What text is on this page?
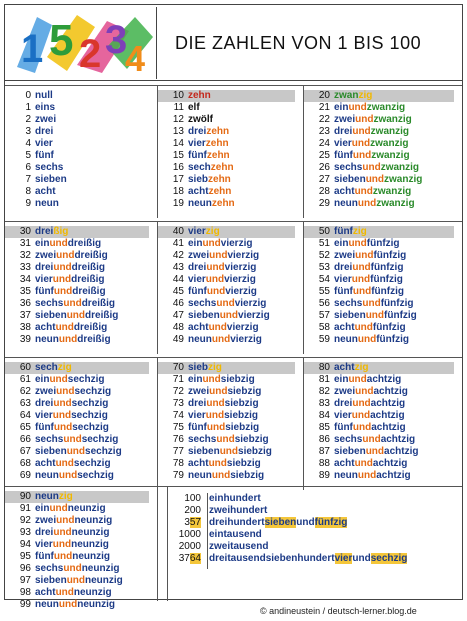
1 5 2 3
4 DIE ZAHLEN VON 1 BIS 100
0 null
1 eins
2 zwei
3 drei
4 vier
5 fünf
6 sechs
7 sieben
8 acht
9 neun
10 zehn
11 elf
12 zwölf
13 dreizehn
14 vierzehn
15 fünfzehn
16 sechzehn
17 siebzehn
18 achtzehn
19 neunzehn
20 zwanzig
21 einundzwanzig
22 zweiundzwanzig
23 dreiundzwanzig
24 vierundzwanzig
25 fünfundzwanzig
26 sechsundzwanzig
27 siebenundzwanzig
28 achtundzwanzig
29 neunundzwanzig
30 dreißig
31 einunddreißig
32 zweiunddreißig
33 dreiunddreißig
34 vierunddreißig
35 fünfunddreißig
36 sechsunddreißig
37 siebenunddreißig
38 achtunddreißig
39 neununddreißig
40 vierzig
41 einundvierzig
42 zweiundvierzig
43 dreiundvierzig
44 vierundvierzig
45 fünfundvierzig
46 sechsundvierzig
47 siebenundvierzig
48 achtundvierzig
49 neunundvierzig
50 fünfzig
51 einundfünfzig
52 zweiundfünfzig
53 dreiundfünfzig
54 vierundfünfzig
55 fünfundfünfzig
56 sechsundfünfzig
57 siebenundfünfzig
58 achtundfünfzig
59 neunundfünfzig
60 sechzig
61 einundsechzig
62 zweiundsechzig
63 dreiundsechzig
64 vierundsechzig
65 fünfundsechzig
66 sechsundsechzig
67 siebenundsechzig
68 achtundsechzig
69 neunundsechzig
70 siebzig
71 einundsiebzig
72 zweiundsiebzig
73 dreiundsiebzig
74 vierundsiebzig
75 fünfundsiebzig
76 sechsundsiebzig
77 siebenundsiebzig
78 achtundsiebzig
79 neunundsiebzig
80 achtzig
81 einundachtzig
82 zweiundachtzig
83 dreiundachtzig
84 vierundachtzig
85 fünfundachtzig
86 sechsundachtzig
87 siebenundachtzig
88 achtundachtzig
89 neunundachtzig
90 neunzig
91 einundneunzig
92 zweiundneunzig
93 dreiundneunzig
94 vierundneunzig
95 fünfundneunzig
96 sechsundneunzig
97 siebenundneunzig
98 achtundneunzig
99 neunundneunzig
100 einhundert
200 zweihundert
357 dreihundertsiebenundfünfzig
1000 eintausend
2000 zweitausend
3764 dreitausendsiebenhundertvierundsechzig
© andineustein / deutsch-lerner.blog.de
